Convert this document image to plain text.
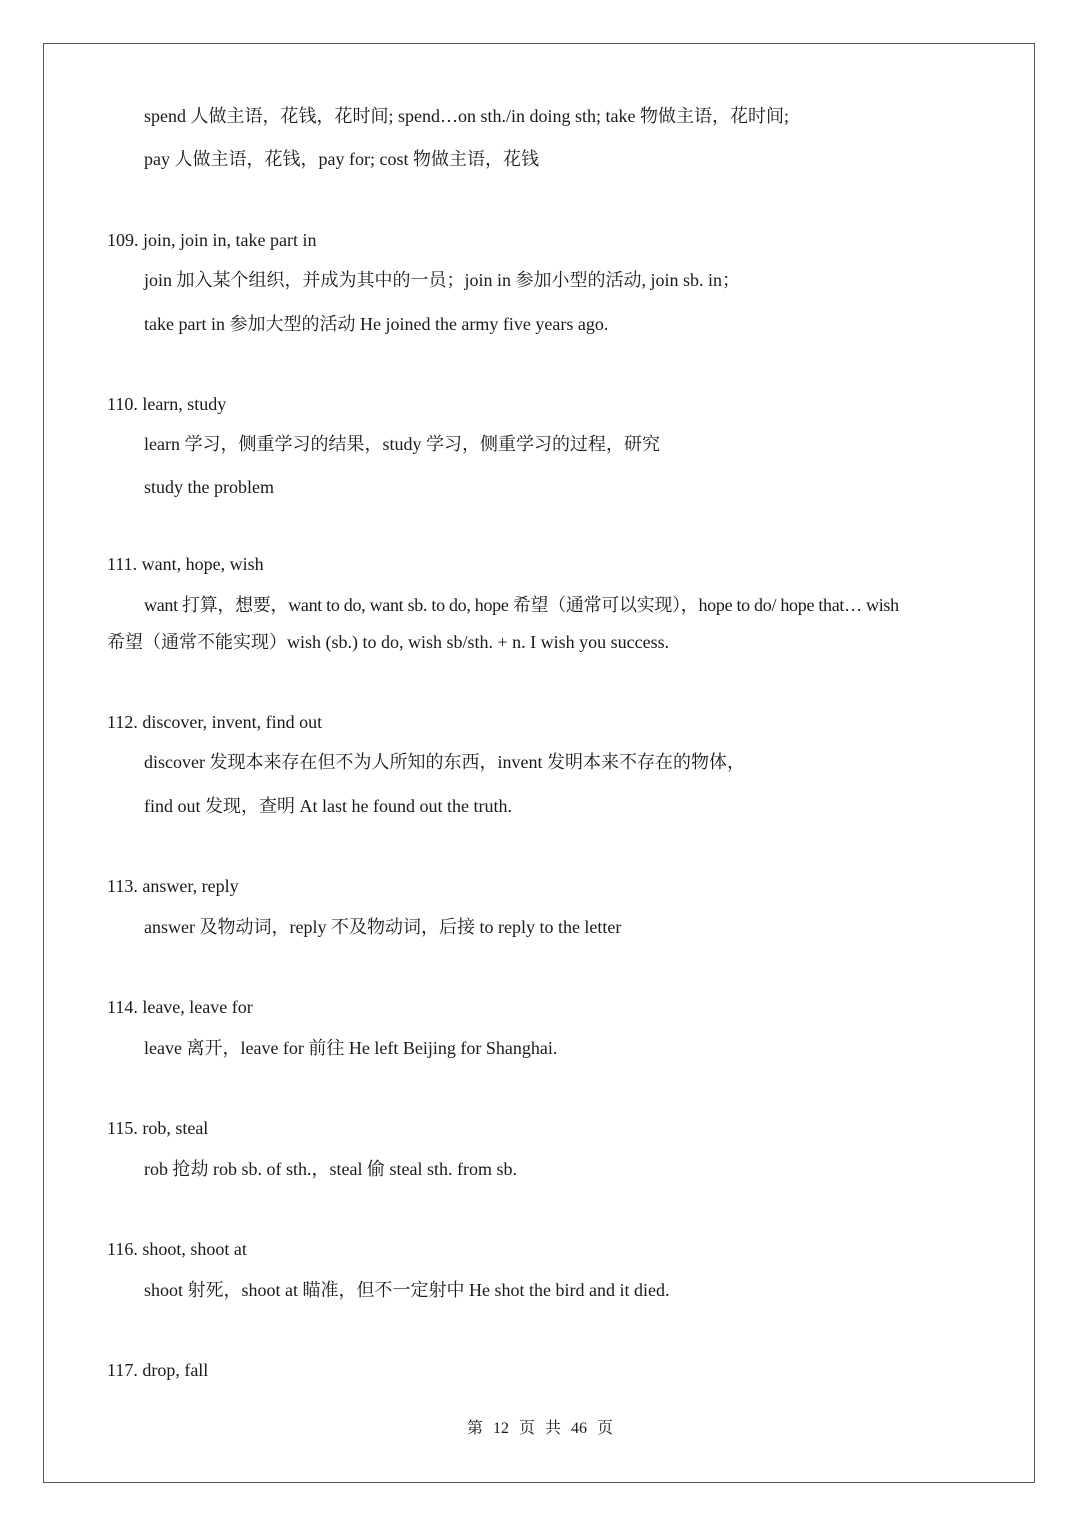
spend 人做主语，花钱，花时间; spend…on sth./in doing sth; take 物做主语，花时间;
pay 人做主语，花钱，pay for; cost 物做主语，花钱
109. join, join in, take part in
join 加入某个组织，并成为其中的一员；join in 参加小型的活动, join sb. in；
take part in 参加大型的活动 He joined the army five years ago.
110. learn, study
learn 学习，侧重学习的结果，study 学习，侧重学习的过程，研究
study the problem
111. want, hope, wish
want 打算，想要，want to do, want sb. to do, hope 希望（通常可以实现），hope to do/ hope that… wish
希望（通常不能实现）wish (sb.) to do, wish sb/sth. + n. I wish you success.
112. discover, invent, find out
discover 发现本来存在但不为人所知的东西，invent 发明本来不存在的物体，
find out 发现，查明 At last he found out the truth.
113. answer, reply
answer 及物动词，reply 不及物动词，后接 to reply to the letter
114. leave, leave for
leave 离开，leave for 前往 He left Beijing for Shanghai.
115. rob, steal
rob 抢劫 rob sb. of sth.，steal 偷 steal sth. from sb.
116. shoot, shoot at
shoot 射死，shoot at 瞄准，但不一定射中 He shot the bird and it died.
117. drop, fall
第 12 页 共 46 页
